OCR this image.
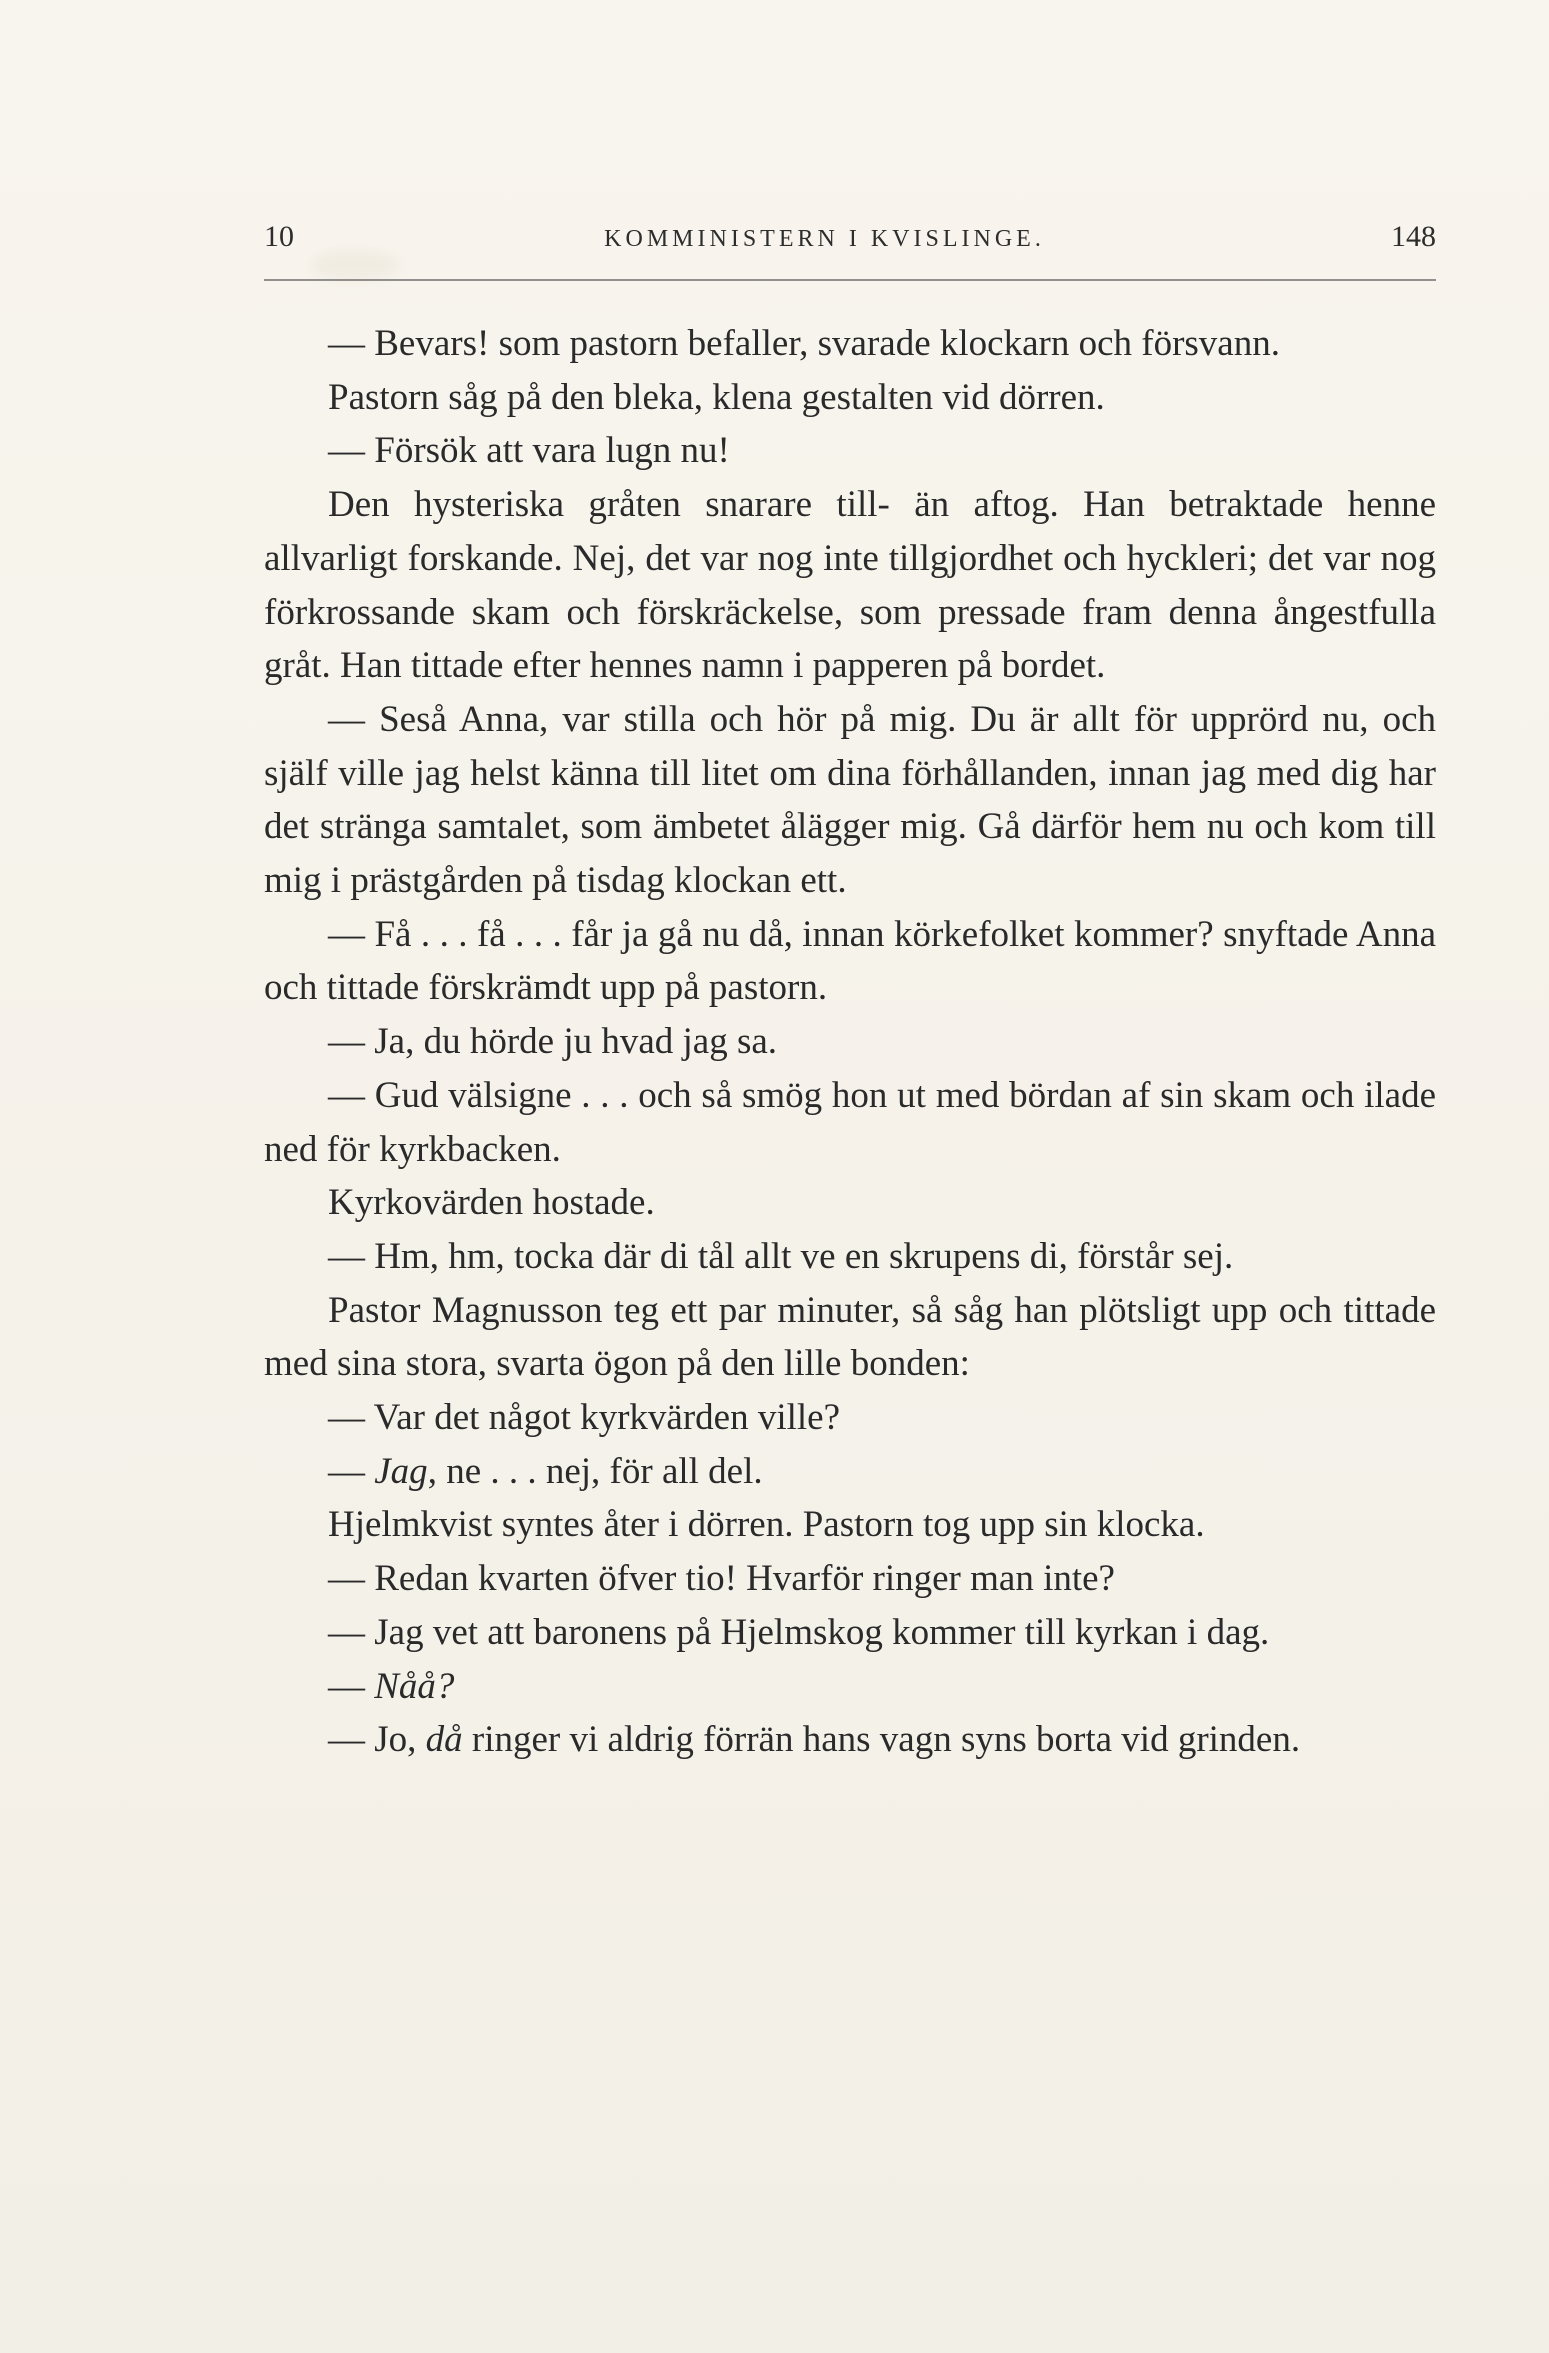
10	KOMMINISTERN I KVISLINGE.	148

— Bevars! som pastorn befaller, svarade klockarn och försvann.

Pastorn såg på den bleka, klena gestalten vid dörren.

— Försök att vara lugn nu!

Den hysteriska gråten snarare till- än aftog. Han betraktade henne allvarligt forskande. Nej, det var nog inte tillgjordhet och hyckleri; det var nog förkrossande skam och förskräckelse, som pressade fram denna ångestfulla gråt. Han tittade efter hennes namn i papperen på bordet.

— Seså Anna, var stilla och hör på mig. Du är allt för upprörd nu, och själf ville jag helst känna till litet om dina förhållanden, innan jag med dig har det stränga samtalet, som ämbetet ålägger mig. Gå därför hem nu och kom till mig i prästgården på tisdag klockan ett.

— Få . . . få . . . får ja gå nu då, innan körkefolket kommer? snyftade Anna och tittade förskrämdt upp på pastorn.

— Ja, du hörde ju hvad jag sa.

— Gud välsigne . . . och så smög hon ut med bördan af sin skam och ilade ned för kyrkbacken.

Kyrkovärden hostade.

— Hm, hm, tocka där di tål allt ve en skrupens di, förstår sej.

Pastor Magnusson teg ett par minuter, så såg han plötsligt upp och tittade med sina stora, svarta ögon på den lille bonden:

— Var det något kyrkvärden ville?

— Jag, ne . . . nej, för all del.

Hjelmkvist syntes åter i dörren. Pastorn tog upp sin klocka.

— Redan kvarten öfver tio! Hvarför ringer man inte?

— Jag vet att baronens på Hjelmskog kommer till kyrkan i dag.

— Nåå?

— Jo, då ringer vi aldrig förrän hans vagn syns borta vid grinden.
